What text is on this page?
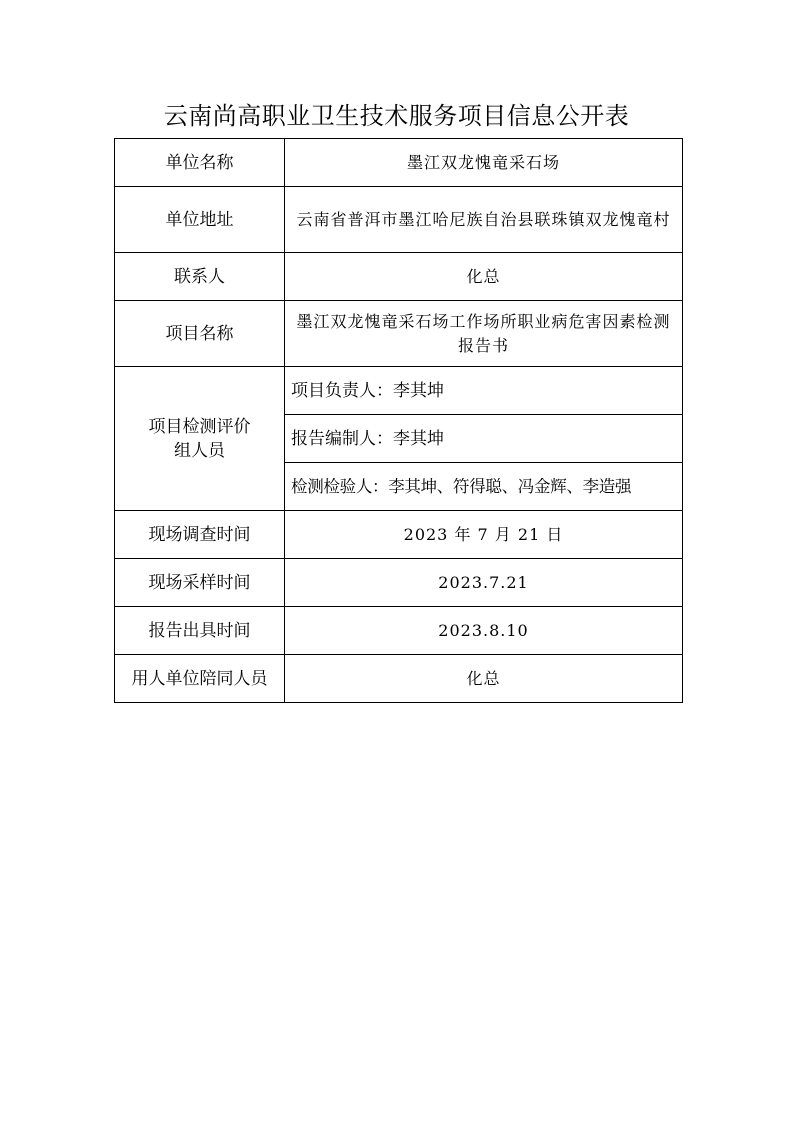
云南尚高职业卫生技术服务项目信息公开表
单位名称	墨江双龙愧竜采石场
单位地址	云南省普洱市墨江哈尼族自治县联珠镇双龙愧竜村
联系人	化总
项目名称	墨江双龙愧竜采石场工作场所职业病危害因素检测报告书

项目检测评价
组人员	项目负责人：李其坤
	报告编制人：李其坤
	检测检验人：李其坤、符得聪、冯金辉、李造强
现场调查时间	2023 年 7 月 21 日
现场采样时间	2023.7.21
报告出具时间	2023.8.10
用人单位陪同人员	化总
